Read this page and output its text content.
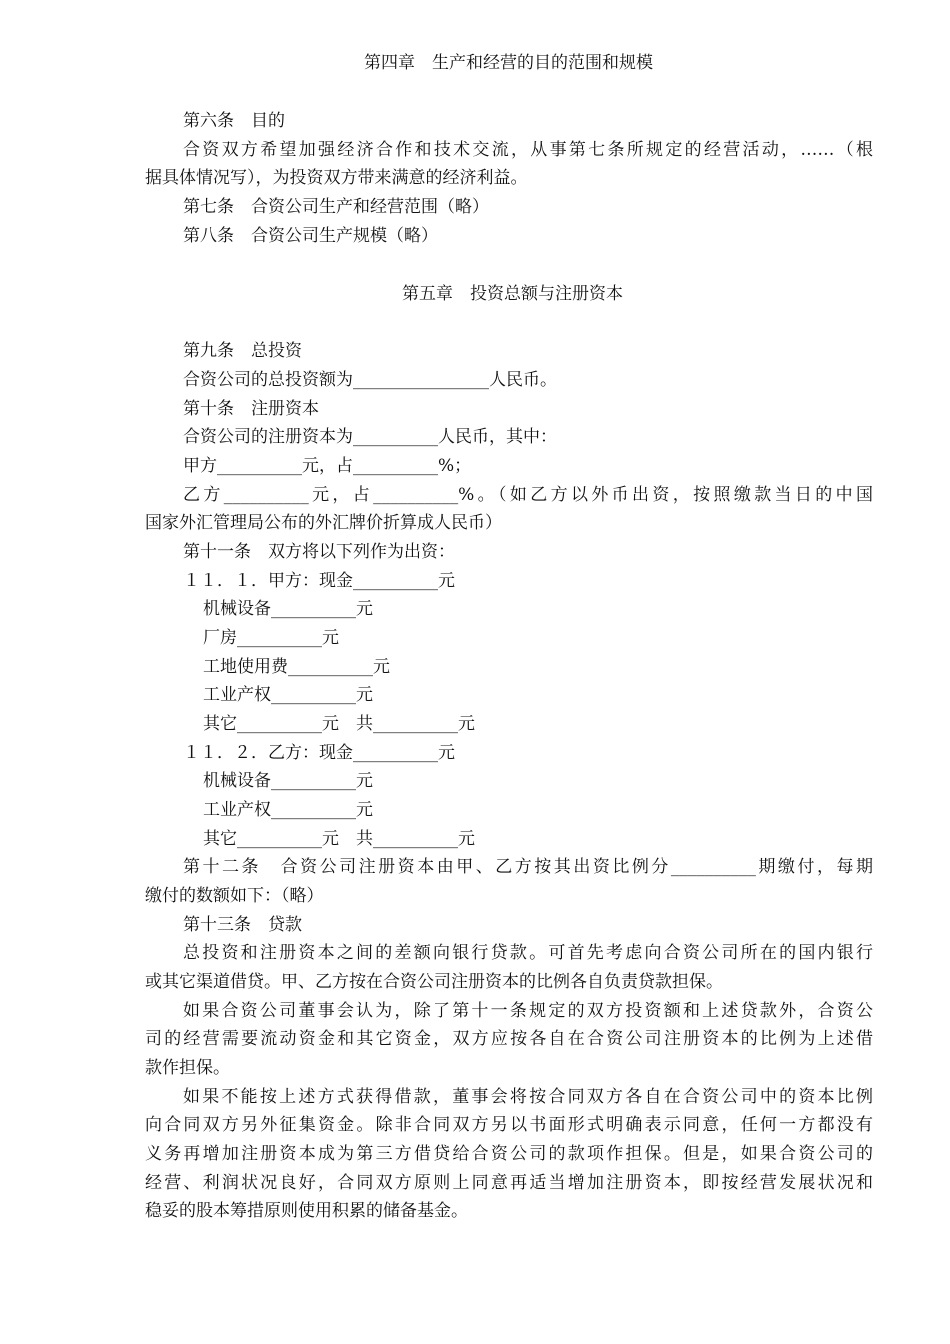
第四章　生产和经营的目的范围和规模
第六条　目的
合资双方希望加强经济合作和技术交流，从事第七条所规定的经营活动，……（根
据具体情况写），为投资双方带来满意的经济利益。
第七条　合资公司生产和经营范围（略）
第八条　合资公司生产规模（略）
第五章　投资总额与注册资本
第九条　总投资
合资公司的总投资额为________________人民币。
第十条　注册资本
合资公司的注册资本为__________人民币，其中：
甲方__________元，占__________%；
乙方__________元，占__________%。（如乙方以外币出资，按照缴款当日的中国
国家外汇管理局公布的外汇牌价折算成人民币）
第十一条　双方将以下列作为出资：
１１．１．甲方：现金__________元
机械设备__________元
厂房__________元
工地使用费__________元
工业产权__________元
其它__________元　共__________元
１１．２．乙方：现金__________元
机械设备__________元
工业产权__________元
其它__________元　共__________元
第十二条　合资公司注册资本由甲、乙方按其出资比例分__________期缴付，每期
缴付的数额如下：（略）
第十三条　贷款
总投资和注册资本之间的差额向银行贷款。可首先考虑向合资公司所在的国内银行
或其它渠道借贷。甲、乙方按在合资公司注册资本的比例各自负责贷款担保。
如果合资公司董事会认为，除了第十一条规定的双方投资额和上述贷款外，合资公
司的经营需要流动资金和其它资金，双方应按各自在合资公司注册资本的比例为上述借
款作担保。
如果不能按上述方式获得借款，董事会将按合同双方各自在合资公司中的资本比例
向合同双方另外征集资金。除非合同双方另以书面形式明确表示同意，任何一方都没有
义务再增加注册资本成为第三方借贷给合资公司的款项作担保。但是，如果合资公司的
经营、利润状况良好，合同双方原则上同意再适当增加注册资本，即按经营发展状况和
稳妥的股本筹措原则使用积累的储备基金。
